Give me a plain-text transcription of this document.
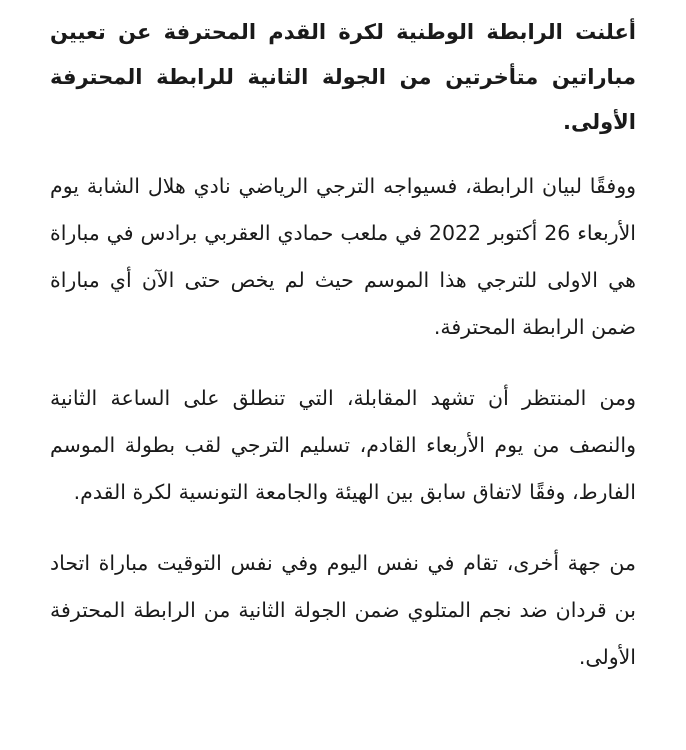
أعلنت الرابطة الوطنية لكرة القدم المحترفة عن تعيين مباراتين متأخرتين من الجولة الثانية للرابطة المحترفة الأولى.

ووفقًا لبيان الرابطة، فسيواجه الترجي الرياضي نادي هلال الشابة يوم الأربعاء 26 أكتوبر 2022 في ملعب حمادي العقربي برادس في مباراة هي الاولى للترجي هذا الموسم حيث لم يخص حتى الآن أي مباراة ضمن الرابطة المحترفة.

ومن المنتظر أن تشهد المقابلة، التي تنطلق على الساعة الثانية والنصف من يوم الأربعاء القادم، تسليم الترجي لقب بطولة الموسم الفارط، وفقًا لاتفاق سابق بين الهيئة والجامعة التونسية لكرة القدم.

من جهة أخرى، تقام في نفس اليوم وفي نفس التوقيت مباراة اتحاد بن قردان ضد نجم المتلوي ضمن الجولة الثانية من الرابطة المحترفة الأولى.
